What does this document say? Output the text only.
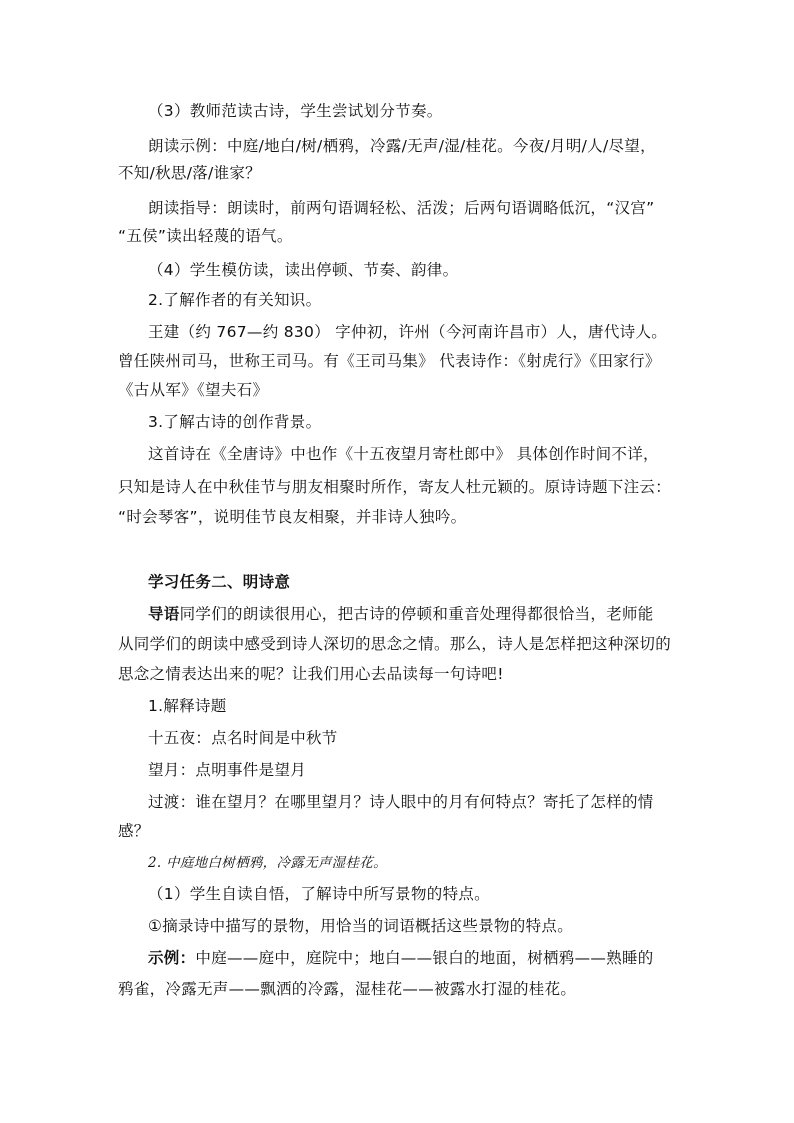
（3）教师范读古诗，学生尝试划分节奏。
朗读示例：中庭/地白/树/栖鸦，冷露/无声/湿/桂花。今夜/月明/人/尽望，
不知/秋思/落/谁家？
朗读指导：朗读时，前两句语调轻松、活泼；后两句语调略低沉，“汉宫”
“五侯”读出轻蔑的语气。
（4）学生模仿读，读出停顿、节奏、韵律。
2.了解作者的有关知识。
王建（约 767—约 830） 字仲初，许州（今河南许昌市）人，唐代诗人。
曾任陕州司马，世称王司马。有《王司马集》 代表诗作：《射虎行》《田家行》
《古从军》《望夫石》
3.了解古诗的创作背景。
这首诗在《全唐诗》中也作《十五夜望月寄杜郎中》 具体创作时间不详，
只知是诗人在中秋佳节与朋友相聚时所作，寄友人杜元颖的。原诗诗题下注云：
“时会琴客”，说明佳节良友相聚，并非诗人独吟。
学习任务二、明诗意
导语同学们的朗读很用心，把古诗的停顿和重音处理得都很恰当，老师能
从同学们的朗读中感受到诗人深切的思念之情。那么，诗人是怎样把这种深切的
思念之情表达出来的呢？让我们用心去品读每一句诗吧!
1.解释诗题
十五夜：点名时间是中秋节
望月：点明事件是望月
过渡：谁在望月？在哪里望月？诗人眼中的月有何特点？寄托了怎样的情
感？
2. 中庭地白树栖鸦，冷露无声湿桂花。
（1）学生自读自悟，了解诗中所写景物的特点。
①摘录诗中描写的景物，用恰当的词语概括这些景物的特点。
示例：中庭——庭中，庭院中；地白——银白的地面，树栖鸦——熟睡的
鸦雀，冷露无声——飘洒的冷露，湿桂花——被露水打湿的桂花。
